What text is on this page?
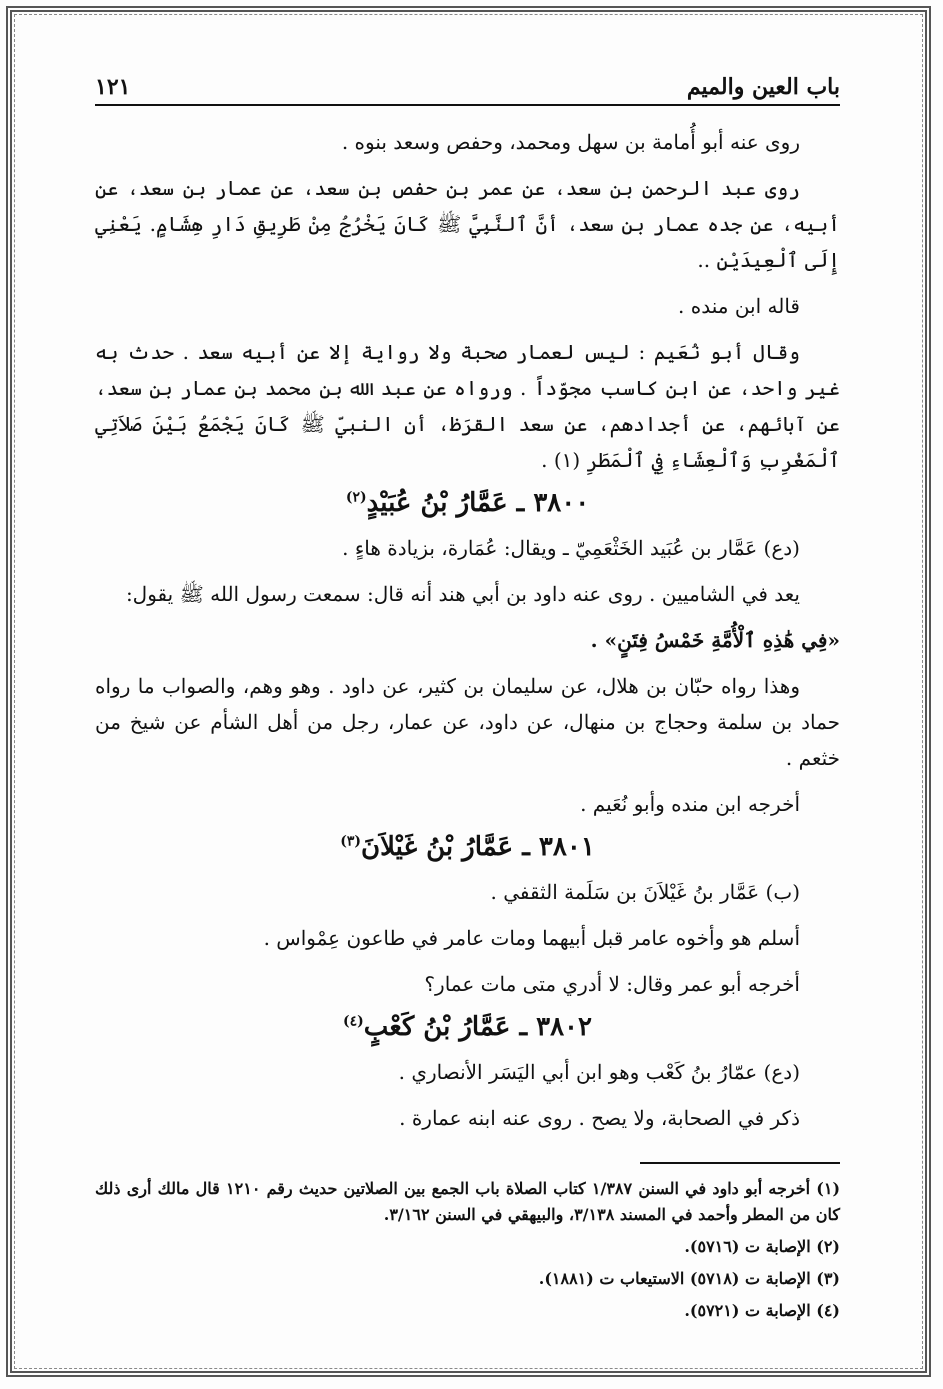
باب العين والميم
١٢١

روى عنه أبو أُمامة بن سهل ومحمد، وحفص وسعد بنوه .

روى عبد الرحمن بن سعد، عن عمر بن حفص بن سعد، عن عمار بن سعد، عن أبيه، عن جده عمار بن سعد، أنَّ ٱلنَّبِيَّ ﷺ كَانَ يَخْرُجُ مِنْ طَرِيقِ دَارِ هِشَامٍ. يَعْنِي إِلَى ٱلْعِيدَيْنِ ..

قاله ابن منده .

وقال أبو نُعَيم : ليس لعمار صحبة ولا رواية إلا عن أبيه سعد . حدث به غير واحد، عن ابن كاسب مجوّداً . ورواه عن عبد الله بن محمد بن عمار بن سعد، عن آبائهم، عن أجدادهم، عن سعد القرَظ، أن النبيّ ﷺ كَانَ يَجْمَعُ بَيْنَ صَلاَتِي ٱلْمَغْرِبِ وَٱلْعِشَاءِ فِي ٱلْمَطَرِ (١) .

٣٨٠٠ ـ عَمَّارُ بْنُ عُبَيْدٍ$^{(٢)}$

(دع) عَمَّار بن عُبَيد الخَثْعَمِيّ ـ ويقال: عُمَارة، بزيادة هاءٍ .

يعد في الشاميين . روى عنه داود بن أبي هند أنه قال: سمعت رسول الله ﷺ يقول:

«فِي هَٰذِهِ ٱلْأُمَّةِ خَمْسُ فِتَنٍ» .

وهذا رواه حبّان بن هلال، عن سليمان بن كثير، عن داود . وهو وهم، والصواب ما رواه حماد بن سلمة وحجاج بن منهال، عن داود، عن عمار، رجل من أهل الشأم عن شيخ من خثعم .

أخرجه ابن منده وأبو نُعَيم .

٣٨٠١ ـ عَمَّارُ بْنُ غَيْلاَنَ$^{(٣)}$

(ب) عَمَّار بنُ غَيْلاَنَ بن سَلَمة الثقفي .

أسلم هو وأخوه عامر قبل أبيهما ومات عامر في طاعون عِمْواس .

أخرجه أبو عمر وقال: لا أدري متى مات عمار؟

٣٨٠٢ ـ عَمَّارُ بْنُ كَعْبٍ$^{(٤)}$

(دع) عمّارُ بنُ كَعْب وهو ابن أبي اليَسَر الأنصاري .

ذكر في الصحابة، ولا يصح . روى عنه ابنه عمارة .

(١) أخرجه أبو داود في السنن ١/٣٨٧ كتاب الصلاة باب الجمع بين الصلاتين حديث رقم ١٢١٠ قال مالك أرى ذلك كان من المطر وأحمد في المسند ٣/١٣٨، والبيهقي في السنن ٣/١٦٢.

(٢) الإصابة ت (٥٧١٦).

(٣) الإصابة ت (٥٧١٨) الاستيعاب ت (١٨٨١).

(٤) الإصابة ت (٥٧٢١).
